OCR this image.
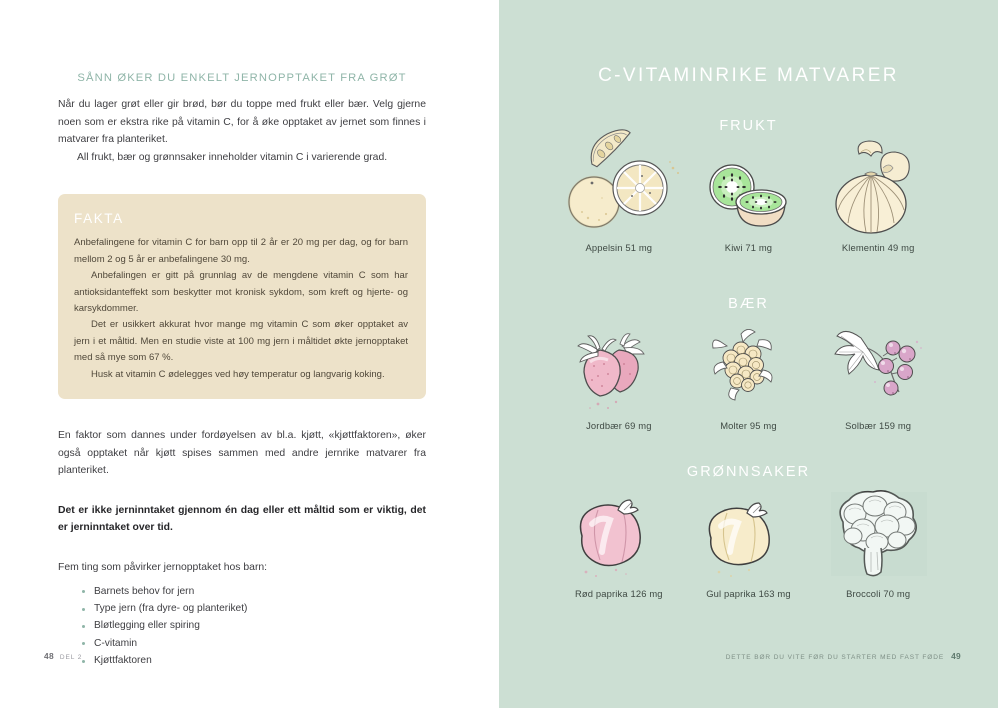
SÅNN ØKER DU ENKELT JERNOPPTAKET FRA GRØT

Når du lager grøt eller gir brød, bør du toppe med frukt eller bær. Velg gjerne noen som er ekstra rike på vitamin C, for å øke opptaket av jernet som finnes i matvarer fra planteriket.

All frukt, bær og grønnsaker inneholder vitamin C i varierende grad.

FAKTA

Anbefalingene for vitamin C for barn opp til 2 år er 20 mg per dag, og for barn mellom 2 og 5 år er anbefalingene 30 mg.

Anbefalingen er gitt på grunnlag av de mengdene vitamin C som har antioksidanteffekt som beskytter mot kronisk sykdom, som kreft og hjerte- og karsykdommer.

Det er usikkert akkurat hvor mange mg vitamin C som øker opptaket av jern i et måltid. Men en studie viste at 100 mg jern i måltidet økte jernopptaket med så mye som 67 %.

Husk at vitamin C ødelegges ved høy temperatur og langvarig koking.

En faktor som dannes under fordøyelsen av bl.a. kjøtt, «kjøttfaktoren», øker også opptaket når kjøtt spises sammen med andre jernrike matvarer fra planteriket.

Det er ikke jerninntaket gjennom én dag eller ett måltid som er viktig, det er jerninntaket over tid.

Fem ting som påvirker jernopptaket hos barn:

Barnets behov for jern
Type jern (fra dyre- og planteriket)
Bløtlegging eller spiring
C-vitamin
Kjøttfaktoren
48 DEL 2
C-VITAMINRIKE MATVARER
FRUKT
Appelsin 51 mg	Kiwi 71 mg	Klementin 49 mg
BÆR
Jordbær 69 mg	Molter 95 mg	Solbær 159 mg
GRØNNSAKER
Rød paprika 126 mg	Gul paprika 163 mg	Broccoli 70 mg
DETTE BØR DU VITE FØR DU STARTER MED FAST FØDE 49
